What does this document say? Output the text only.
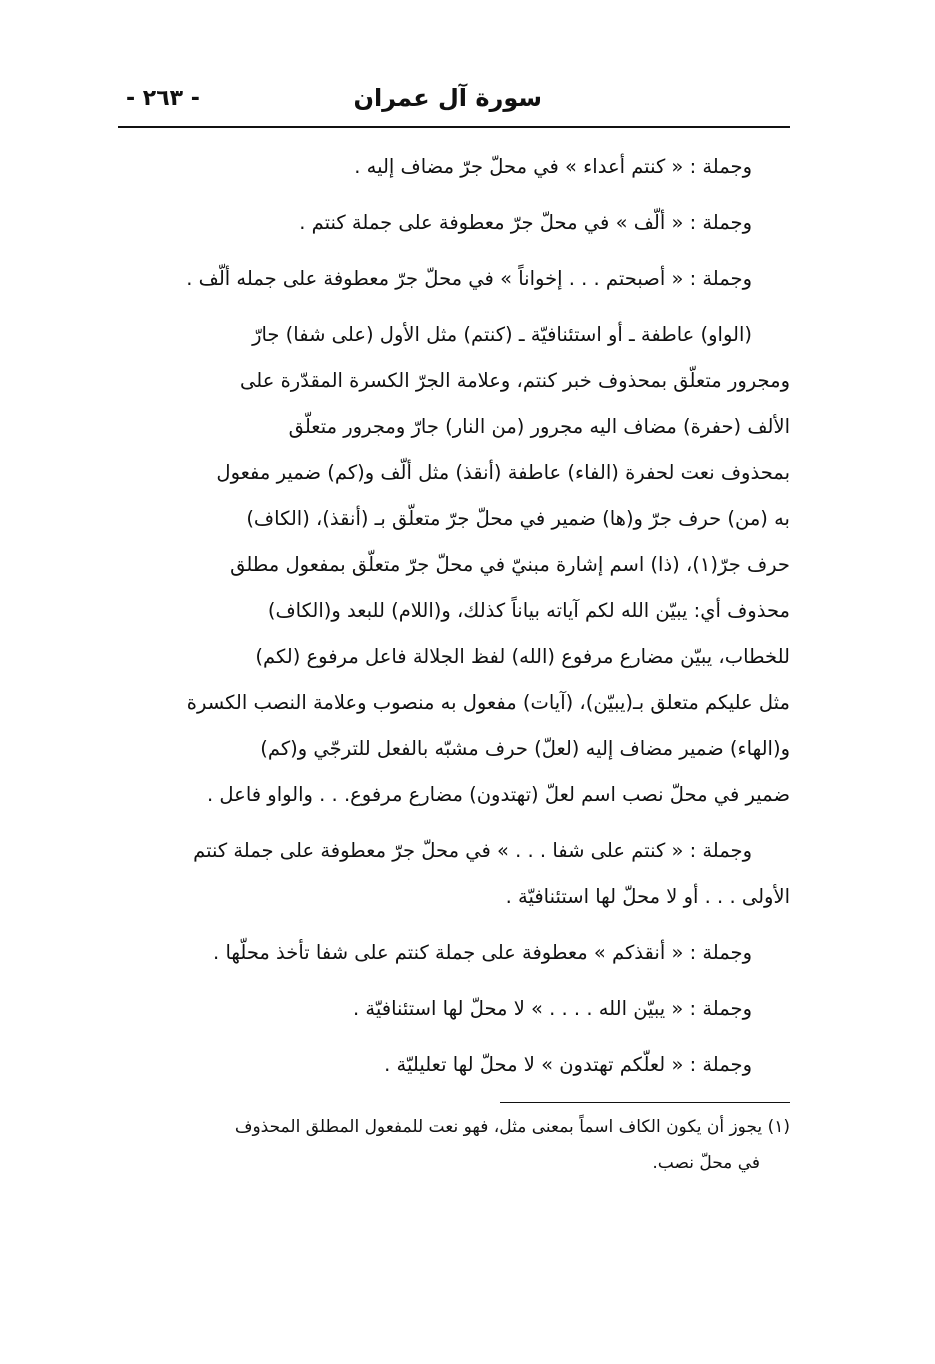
سورة آل عمران
- ٢٦٣ -
وجملة : « كنتم أعداء » في محلّ جرّ مضاف إليه .
وجملة : « ألّف » في محلّ جرّ معطوفة على جملة كنتم .
وجملة : « أصبحتم . . . إخواناً » في محلّ جرّ معطوفة على جمله ألّف .

(الواو) عاطفة ـ أو استئنافيّة ـ (كنتم) مثل الأول (على شفا) جارّ

ومجرور متعلّق بمحذوف خبر كنتم، وعلامة الجرّ الكسرة المقدّرة على

الألف (حفرة) مضاف اليه مجرور (من النار) جارّ ومجرور متعلّق

بمحذوف نعت لحفرة (الفاء) عاطفة (أنقذ) مثل ألّف و(كم) ضمير مفعول

به (من) حرف جرّ و(ها) ضمير في محلّ جرّ متعلّق بـ (أنقذ)، (الكاف)

حرف جرّ(١)، (ذا) اسم إشارة مبنيّ في محلّ جرّ متعلّق بمفعول مطلق

محذوف أي: يبيّن الله لكم آياته بياناً كذلك، و(اللام) للبعد و(الكاف)

للخطاب، يبيّن مضارع مرفوع (الله) لفظ الجلالة فاعل مرفوع (لكم)

مثل عليكم متعلق بـ(يبيّن)، (آيات) مفعول به منصوب وعلامة النصب الكسرة

و(الهاء) ضمير مضاف إليه (لعلّ) حرف مشبّه بالفعل للترجّي و(كم)

ضمير في محلّ نصب اسم لعلّ (تهتدون) مضارع مرفوع. . . والواو فاعل .

وجملة : « كنتم على شفا . . . » في محلّ جرّ معطوفة على جملة كنتم

الأولى . . . أو لا محلّ لها استئنافيّة .

وجملة : « أنقذكم » معطوفة على جملة كنتم على شفا تأخذ محلّها .
وجملة : « يبيّن الله . . . . » لا محلّ لها استئنافيّة .
وجملة : « لعلّكم تهتدون » لا محلّ لها تعليليّة .
(١) يجوز أن يكون الكاف اسماً بمعنى مثل، فهو نعت للمفعول المطلق المحذوف
في محلّ نصب.
